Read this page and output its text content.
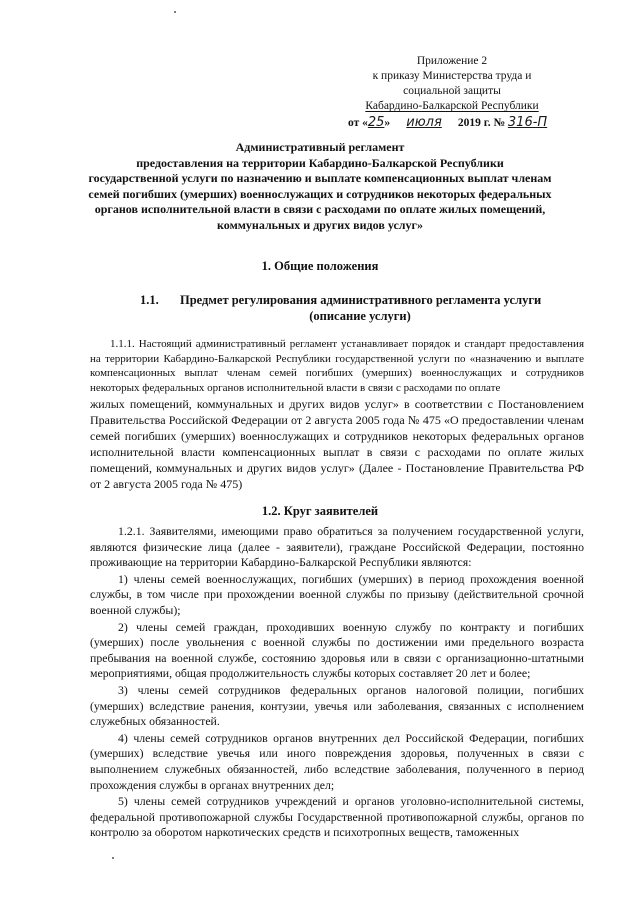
Приложение 2
к приказу Министерства труда и
социальной защиты
Кабардино-Балкарской Республики
от «25» июля 2019 г. № 316-П
Административный регламент
предоставления на территории Кабардино-Балкарской Республики
государственной услуги по назначению и выплате компенсационных выплат членам
семей погибших (умерших) военнослужащих и сотрудников некоторых федеральных
органов исполнительной власти в связи с расходами по оплате жилых помещений,
коммунальных и других видов услуг»
1. Общие положения
1.1. Предмет регулирования административного регламента услуги
(описание услуги)
1.1.1. Настоящий административный регламент устанавливает порядок и стандарт предоставления на территории Кабардино-Балкарской Республики государственной услуги по «назначению и выплате компенсационных выплат членам семей погибших (умерших) военнослужащих и сотрудников некоторых федеральных органов исполнительной власти в связи с расходами по оплате
жилых помещений, коммунальных и других видов услуг» в соответствии с Постановлением Правительства Российской Федерации от 2 августа 2005 года № 475 «О предоставлении членам семей погибших (умерших) военнослужащих и сотрудников некоторых федеральных органов исполнительной власти компенсационных выплат в связи с расходами по оплате жилых помещений, коммунальных и других видов услуг» (Далее - Постановление Правительства РФ от 2 августа 2005 года № 475)
1.2. Круг заявителей

1.2.1. Заявителями, имеющими право обратиться за получением государственной услуги, являются физические лица (далее - заявители), граждане Российской Федерации, постоянно проживающие на территории Кабардино-Балкарской Республики являются:

1) члены семей военнослужащих, погибших (умерших) в период прохождения военной службы, в том числе при прохождении военной службы по призыву (действительной срочной военной службы);

2) члены семей граждан, проходивших военную службу по контракту и погибших (умерших) после увольнения с военной службы по достижении ими предельного возраста пребывания на военной службе, состоянию здоровья или в связи с организационно-штатными мероприятиями, общая продолжительность службы которых составляет 20 лет и более;

3) члены семей сотрудников федеральных органов налоговой полиции, погибших (умерших) вследствие ранения, контузии, увечья или заболевания, связанных с исполнением служебных обязанностей.

4) члены семей сотрудников органов внутренних дел Российской Федерации, погибших (умерших) вследствие увечья или иного повреждения здоровья, полученных в связи с выполнением служебных обязанностей, либо вследствие заболевания, полученного в период прохождения службы в органах внутренних дел;

5) члены семей сотрудников учреждений и органов уголовно-исполнительной системы, федеральной противопожарной службы Государственной противопожарной службы, органов по контролю за оборотом наркотических средств и психотропных веществ, таможенных
